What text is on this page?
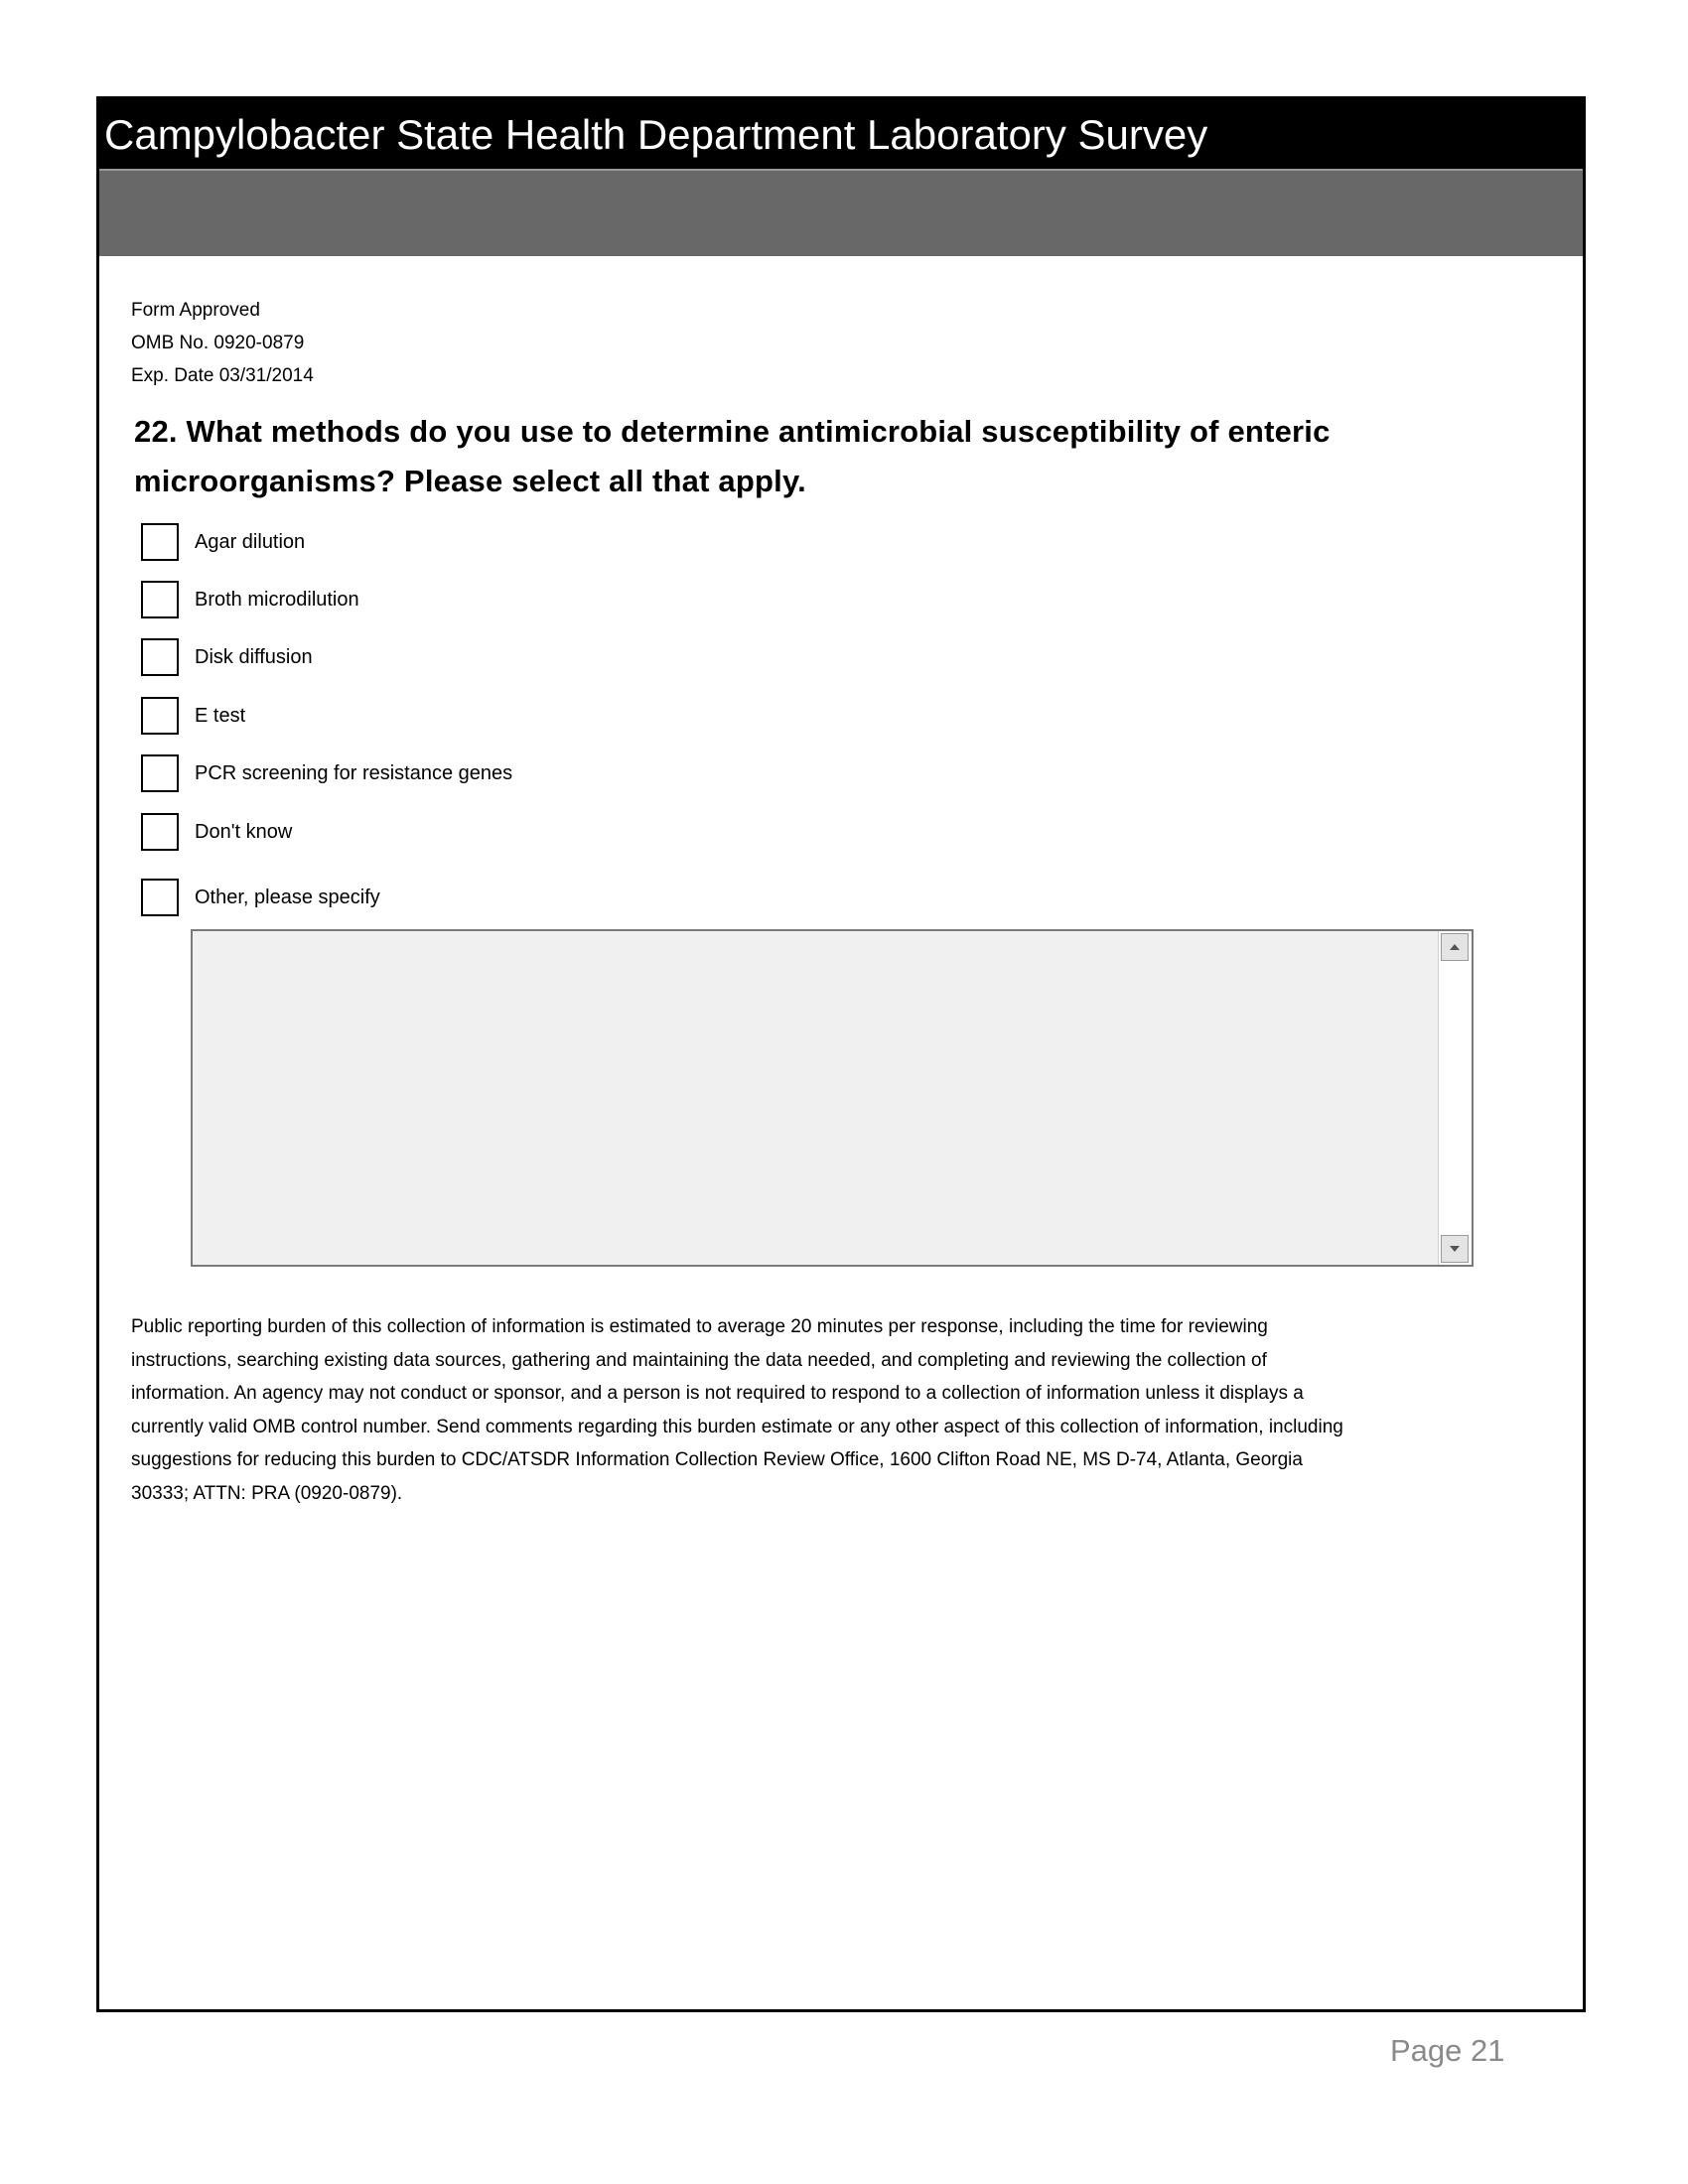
Campylobacter State Health Department Laboratory Survey
Form Approved
OMB No. 0920-0879
Exp. Date 03/31/2014
22. What methods do you use to determine antimicrobial susceptibility of enteric
microorganisms? Please select all that apply.
Agar dilution
Broth microdilution
Disk diffusion
E test
PCR screening for resistance genes
Don't know
Other, please specify
Public reporting burden of this collection of information is estimated to average 20 minutes per response, including the time for reviewing
instructions, searching existing data sources, gathering and maintaining the data needed, and completing and reviewing the collection of
information. An agency may not conduct or sponsor, and a person is not required to respond to a collection of information unless it displays a
currently valid OMB control number. Send comments regarding this burden estimate or any other aspect of this collection of information, including
suggestions for reducing this burden to CDC/ATSDR Information Collection Review Office, 1600 Clifton Road NE, MS D-74, Atlanta, Georgia
30333; ATTN: PRA (0920-0879).
Page 21
